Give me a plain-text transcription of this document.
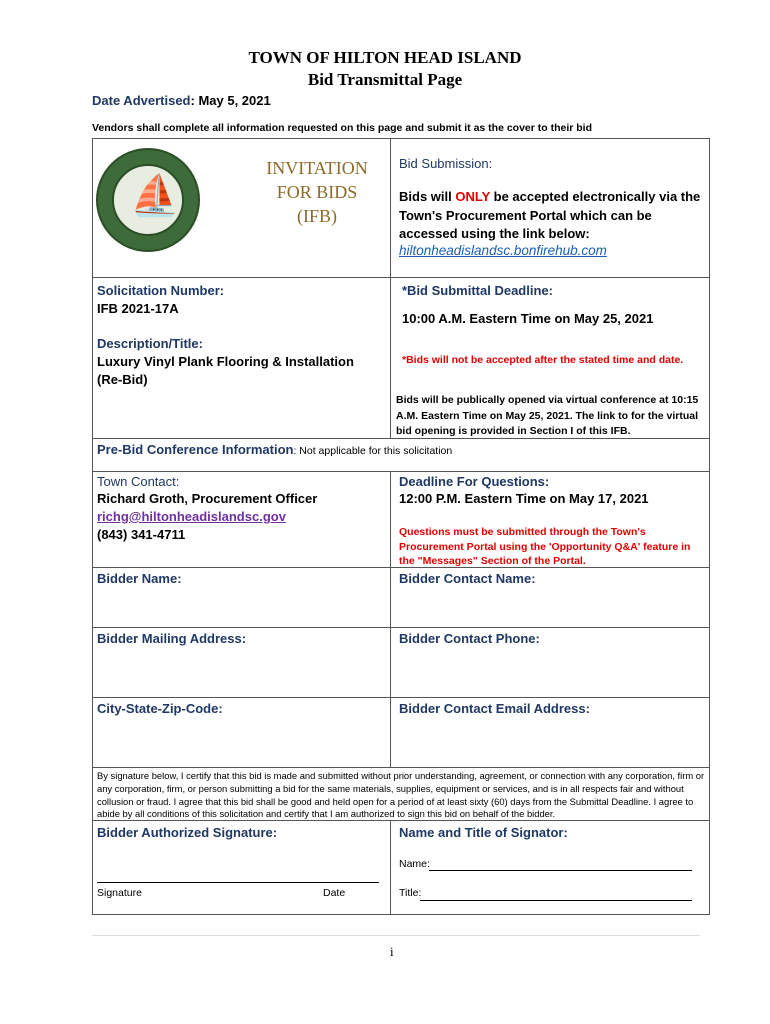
TOWN OF HILTON HEAD ISLAND
Bid Transmittal Page
Date Advertised: May 5, 2021
Vendors shall complete all information requested on this page and submit it as the cover to their bid
⛵
INVITATION
FOR BIDS
(IFB)
Bid Submission:
Bids will ONLY be accepted electronically via the Town's Procurement Portal which can be accessed using the link below:
hiltonheadislandsc.bonfirehub.com
Solicitation Number:
IFB 2021-17A
Description/Title:
Luxury Vinyl Plank Flooring & Installation
(Re-Bid)
*Bid Submittal Deadline:
10:00 A.M. Eastern Time on May 25, 2021
*Bids will not be accepted after the stated time and date.
Bids will be publically opened via virtual conference at 10:15 A.M. Eastern Time on May 25, 2021. The link to for the virtual bid opening is provided in Section I of this IFB.
Pre-Bid Conference Information: Not applicable for this solicitation
Town Contact:
Richard Groth, Procurement Officer
richg@hiltonheadislandsc.gov
(843) 341-4711
Deadline For Questions:
12:00 P.M. Eastern Time on May 17, 2021
Questions must be submitted through the Town's Procurement Portal using the 'Opportunity Q&A' feature in the "Messages" Section of the Portal.
Bidder Name:	Bidder Contact Name:
Bidder Mailing Address:	Bidder Contact Phone:
City-State-Zip-Code:	Bidder Contact Email Address:
By signature below, I certify that this bid is made and submitted without prior understanding, agreement, or connection with any corporation, firm or any corporation, firm, or person submitting a bid for the same materials, supplies, equipment or services, and is in all respects fair and without collusion or fraud. I agree that this bid shall be good and held open for a period of at least sixty (60) days from the Submittal Deadline. I agree to abide by all conditions of this solicitation and certify that I am authorized to sign this bid on behalf of the bidder.
Bidder Authorized Signature:
Signature	Date
Name and Title of Signator:
Name:
Title:
i
